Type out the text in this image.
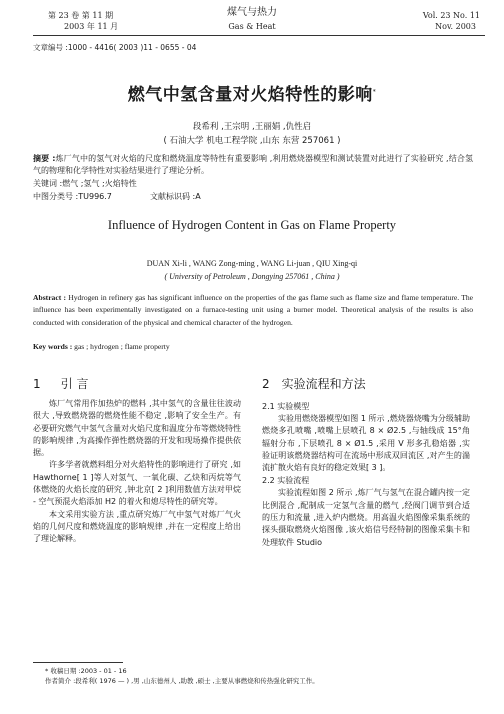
第 23 卷 第 11 期
2003 年 11 月
煤气与热力
Gas & Heat
Vol. 23 No. 11
Nov. 2003
文章编号 :1000 - 4416( 2003 )11 - 0655 - 04
燃气中氢含量对火焰特性的影响*
段希利 ,王宗明 ,王丽娟 ,仇性启
( 石油大学 机电工程学院 ,山东 东营 257061 )
摘要 :炼厂气中的氢气对火焰的尺度和燃烧温度等特性有重要影响 ,利用燃烧器模型和测试装置对此进行了实验研究 ,结合氢气的物理和化学特性对实验结果进行了理论分析。
关键词 :燃气 ;氢气 ;火焰特性
中图分类号 :TU996.7	文献标识码 :A
Influence of Hydrogen Content in Gas on Flame Property
DUAN Xi-li , WANG Zong-ming , WANG Li-juan , QIU Xing-qi
( University of Petroleum , Dongying 257061 , China )
Abstract : Hydrogen in refinery gas has significant influence on the properties of the gas flame such as flame size and flame temperature. The influence has been experimentally investigated on a furnace-testing unit using a burner model. Theoretical analysis of the results is also conducted with consideration of the physical and chemical character of the hydrogen.
Key words : gas ; hydrogen ; flame property
1 引 言

炼厂气常用作加热炉的燃料 ,其中氢气的含量往往波动很大 ,导致燃烧器的燃烧性能不稳定 ,影响了安全生产。有必要研究燃气中氢气含量对火焰尺度和温度分布等燃烧特性的影响规律 ,为高操作弹性燃烧器的开发和现场操作提供依据。

许多学者就燃料组分对火焰特性的影响进行了研究 ,如 Hawthorne[ 1 ]等人对氢气、一氧化碳、乙炔和丙烷等气体燃烧的火焰长度的研究 ,钟北京[ 2 ]利用数值方法对甲烷 - 空气预混火焰添加 H2 的着火和熄尽特性的研究等。

本文采用实验方法 ,重点研究炼厂气中氢气对炼厂气火焰的几何尺度和燃烧温度的影响规律 ,并在一定程度上给出了理论解释。

2 实验流程和方法
2.1 实验模型

实验用燃烧器模型如图 1 所示 ,燃烧器烧嘴为分级辅助燃烧多孔喷嘴 ,喷嘴上层喷孔 8 × Ø2.5 ,与轴线成 15°角辐射分布 ,下层喷孔 8 × Ø1.5 ,采用 V 形多孔稳焰器 ,实验证明该燃烧器结构可在流场中形成双回流区 ,对产生的湍流扩散火焰有良好的稳定效果[ 3 ]。

2.2 实验流程

实验流程如图 2 所示 ,炼厂气与氢气在混合罐内按一定比例混合 ,配制成一定氢气含量的燃气 ,经阀门调节到合适的压力和流量 ,进入炉内燃烧。用高温火焰图像采集系统的探头摄取燃烧火焰图像 ,该火焰信号经特制的图像采集卡和处理软件 Studio

* 收稿日期 :2003 - 01 - 16
作者简介 :段希利( 1976 — ) ,男 ,山东德州人 ,助教 ,硕士 ,主要从事燃烧和传热强化研究工作。
